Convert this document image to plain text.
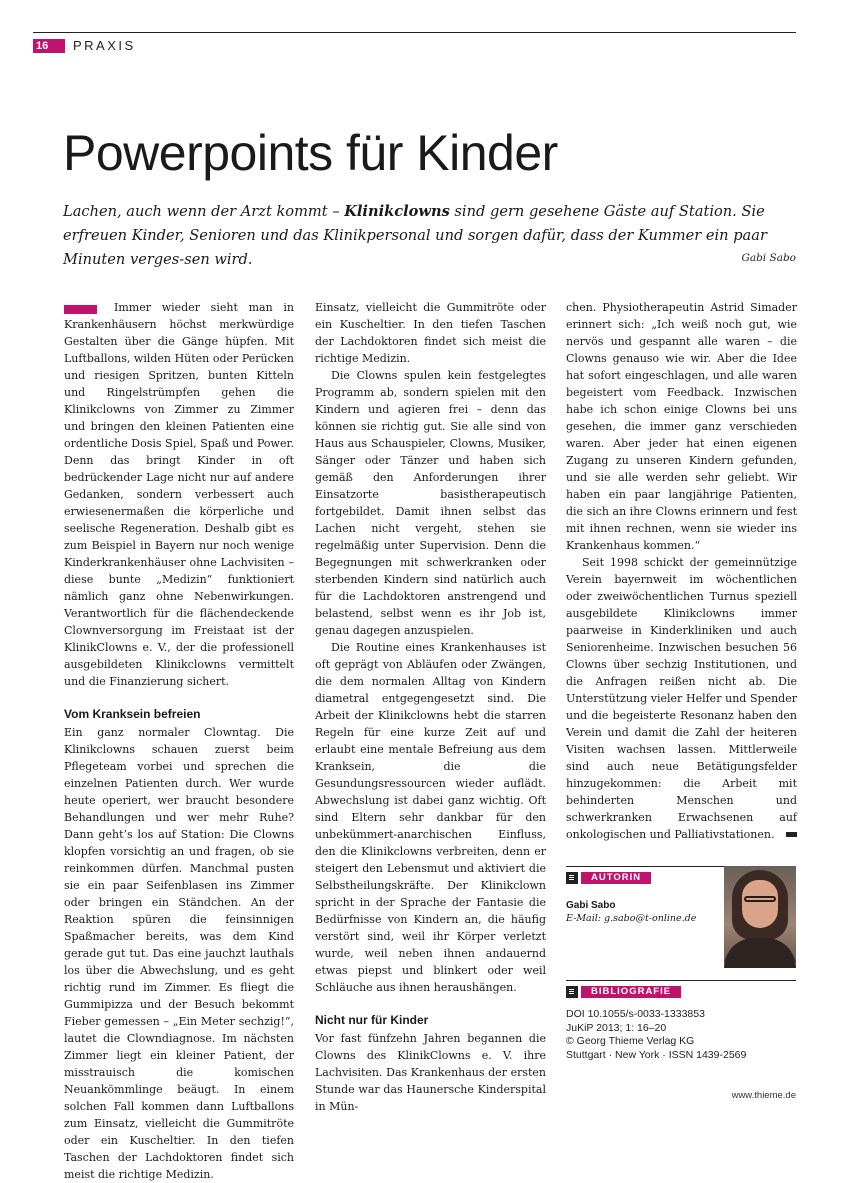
16	PRAXIS
Powerpoints für Kinder
Lachen, auch wenn der Arzt kommt – Klinikclowns sind gern gesehene Gäste auf Station. Sie erfreuen Kinder, Senioren und das Klinikpersonal und sorgen dafür, dass der Kummer ein paar Minuten verges-sen wird.	Gabi Sabo

Immer wieder sieht man in Krankenhäusern höchst merkwürdige Gestalten über die Gänge hüpfen. Mit Luftballons, wilden Hüten oder Perücken und riesigen Spritzen, bunten Kitteln und Ringelstrümpfen gehen die Klinikclowns von Zimmer zu Zimmer und bringen den kleinen Patienten eine ordentliche Dosis Spiel, Spaß und Power. Denn das bringt Kinder in oft bedrückender Lage nicht nur auf andere Gedanken, sondern verbessert auch erwiesenermaßen die körperliche und seelische Regeneration. Deshalb gibt es zum Beispiel in Bayern nur noch wenige Kinderkrankenhäuser ohne Lachvisiten – diese bunte „Medizin“ funktioniert nämlich ganz ohne Nebenwirkungen. Verantwortlich für die flächendeckende Clownversorgung im Freistaat ist der KlinikClowns e. V., der die professionell ausgebildeten Klinikclowns vermittelt und die Finanzierung sichert.

Vom Kranksein befreien

Ein ganz normaler Clowntag. Die Klinikclowns schauen zuerst beim Pflegeteam vorbei und sprechen die einzelnen Patienten durch. Wer wurde heute operiert, wer braucht besondere Behandlungen und wer mehr Ruhe? Dann geht’s los auf Station: Die Clowns klopfen vorsichtig an und fragen, ob sie reinkommen dürfen. Manchmal pusten sie ein paar Seifenblasen ins Zimmer oder bringen ein Ständchen. An der Reaktion spüren die feinsinnigen Spaßmacher bereits, was dem Kind gerade gut tut. Das eine jauchzt lauthals los über die Abwechslung, und es geht richtig rund im Zimmer. Es fliegt die Gummipizza und der Besuch bekommt Fieber gemessen – „Ein Meter sechzig!“, lautet die Clowndiagnose. Im nächsten Zimmer liegt ein kleiner Patient, der misstrauisch die komischen Neuankömmlinge beäugt. In einem solchen Fall kommen dann Luftballons zum Einsatz, vielleicht die Gummitröte oder ein Kuscheltier. In den tiefen Taschen der Lachdoktoren findet sich meist die richtige Medizin.

Einsatz, vielleicht die Gummitröte oder ein Kuscheltier. In den tiefen Taschen der Lachdoktoren findet sich meist die richtige Medizin.

Die Clowns spulen kein festgelegtes Programm ab, sondern spielen mit den Kindern und agieren frei – denn das können sie richtig gut. Sie alle sind von Haus aus Schauspieler, Clowns, Musiker, Sänger oder Tänzer und haben sich gemäß den Anforderungen ihrer Einsatzorte basistherapeutisch fortgebildet. Damit ihnen selbst das Lachen nicht vergeht, stehen sie regelmäßig unter Supervision. Denn die Begegnungen mit schwerkranken oder sterbenden Kindern sind natürlich auch für die Lachdoktoren anstrengend und belastend, selbst wenn es ihr Job ist, genau dagegen anzuspielen.

Die Routine eines Krankenhauses ist oft geprägt von Abläufen oder Zwängen, die dem normalen Alltag von Kindern diametral entgegengesetzt sind. Die Arbeit der Klinikclowns hebt die starren Regeln für eine kurze Zeit auf und erlaubt eine mentale Befreiung aus dem Kranksein, die die Gesundungsressourcen wieder auflädt. Abwechslung ist dabei ganz wichtig. Oft sind Eltern sehr dankbar für den unbekümmert-anarchischen Einfluss, den die Klinikclowns verbreiten, denn er steigert den Lebensmut und aktiviert die Selbstheilungskräfte. Der Klinikclown spricht in der Sprache der Fantasie die Bedürfnisse von Kindern an, die häufig verstört sind, weil ihr Körper verletzt wurde, weil neben ihnen andauernd etwas piepst und blinkert oder weil Schläuche aus ihnen heraushängen.

Nicht nur für Kinder

Vor fast fünfzehn Jahren begannen die Clowns des KlinikClowns e. V. ihre Lachvisiten. Das Krankenhaus der ersten Stunde war das Haunersche Kinderspital in Mün-

chen. Physiotherapeutin Astrid Simader erinnert sich: „Ich weiß noch gut, wie nervös und gespannt alle waren – die Clowns genauso wie wir. Aber die Idee hat sofort eingeschlagen, und alle waren begeistert vom Feedback. Inzwischen habe ich schon einige Clowns bei uns gesehen, die immer ganz verschieden waren. Aber jeder hat einen eigenen Zugang zu unseren Kindern gefunden, und sie alle werden sehr geliebt. Wir haben ein paar langjährige Patienten, die sich an ihre Clowns erinnern und fest mit ihnen rechnen, wenn sie wieder ins Krankenhaus kommen.“

Seit 1998 schickt der gemeinnützige Verein bayernweit im wöchentlichen oder zweiwöchentlichen Turnus speziell ausgebildete Klinikclowns immer paarweise in Kinderkliniken und auch Seniorenheime. Inzwischen besuchen 56 Clowns über sechzig Institutionen, und die Anfragen reißen nicht ab. Die Unterstützung vieler Helfer und Spender und die begeisterte Resonanz haben den Verein und damit die Zahl der heiteren Visiten wachsen lassen. Mittlerweile sind auch neue Betätigungsfelder hinzugekommen: die Arbeit mit behinderten Menschen und schwerkranken Erwachsenen auf onkologischen und Palliativstationen.

AUTORIN
Gabi Sabo
E-Mail: g.sabo@t-online.de
BIBLIOGRAFIE
DOI 10.1055/s-0033-1333853
JuKiP 2013; 1: 16–20
© Georg Thieme Verlag KG
Stuttgart · New York · ISSN 1439-2569
www.thieme.de
